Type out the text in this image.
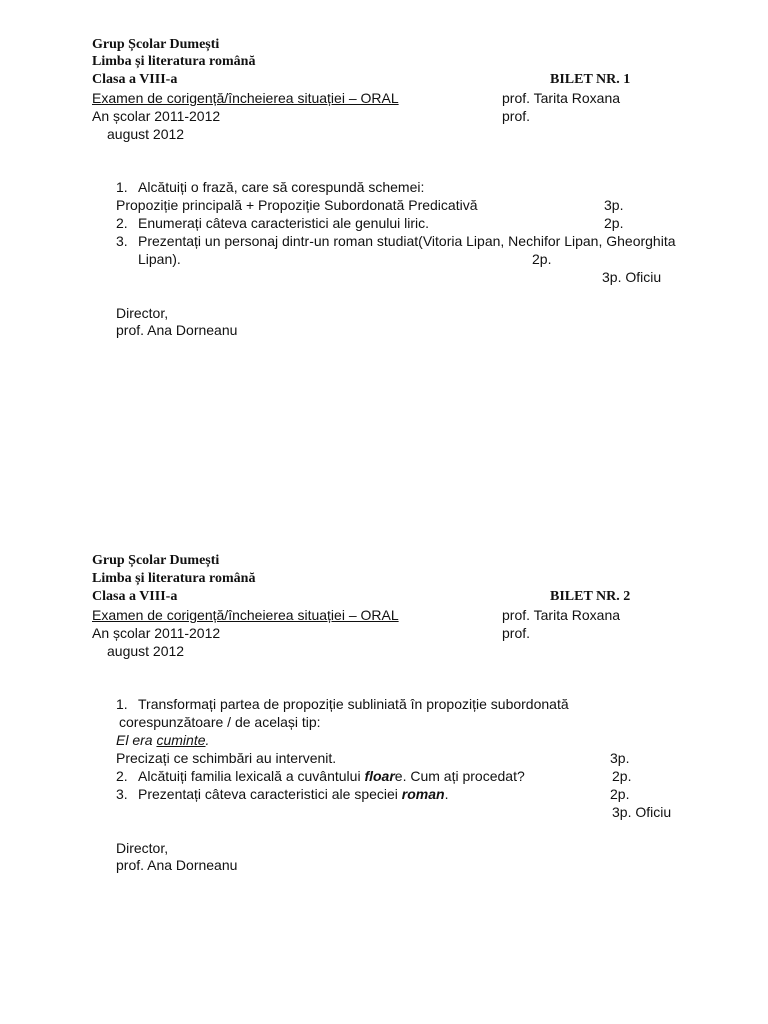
Grup Școlar Dumești
Limba și literatura română
Clasa a VIII-a	BILET NR. 1
Examen de corigență/încheierea situației – ORAL	prof. Tarita Roxana
An școlar 2011-2012	prof.
august 2012
1. Alcătuiți o frază, care să corespundă schemei:
Propoziție principală + Propoziție Subordonată Predicativă	3p.
2. Enumerați câteva caracteristici ale genului liric.	2p.
3. Prezentați un personaj dintr-un roman studiat(Vitoria Lipan, Nechifor Lipan, Gheorghita
Lipan).	2p.
3p. Oficiu
Director,
prof. Ana Dorneanu
Grup Școlar Dumești
Limba și literatura română
Clasa a VIII-a	BILET NR. 2
Examen de corigență/încheierea situației – ORAL	prof. Tarita Roxana
An școlar 2011-2012	prof.
august 2012
1. Transformați partea de propoziție subliniată în propoziție subordonată
corespunzătoare / de același tip:
El era cuminte.
Precizați ce schimbări au intervenit.	3p.
2. Alcătuiți familia lexicală a cuvântului floare. Cum ați procedat?	2p.
3. Prezentați câteva caracteristici ale speciei roman.	2p.
3p. Oficiu
Director,
prof. Ana Dorneanu
